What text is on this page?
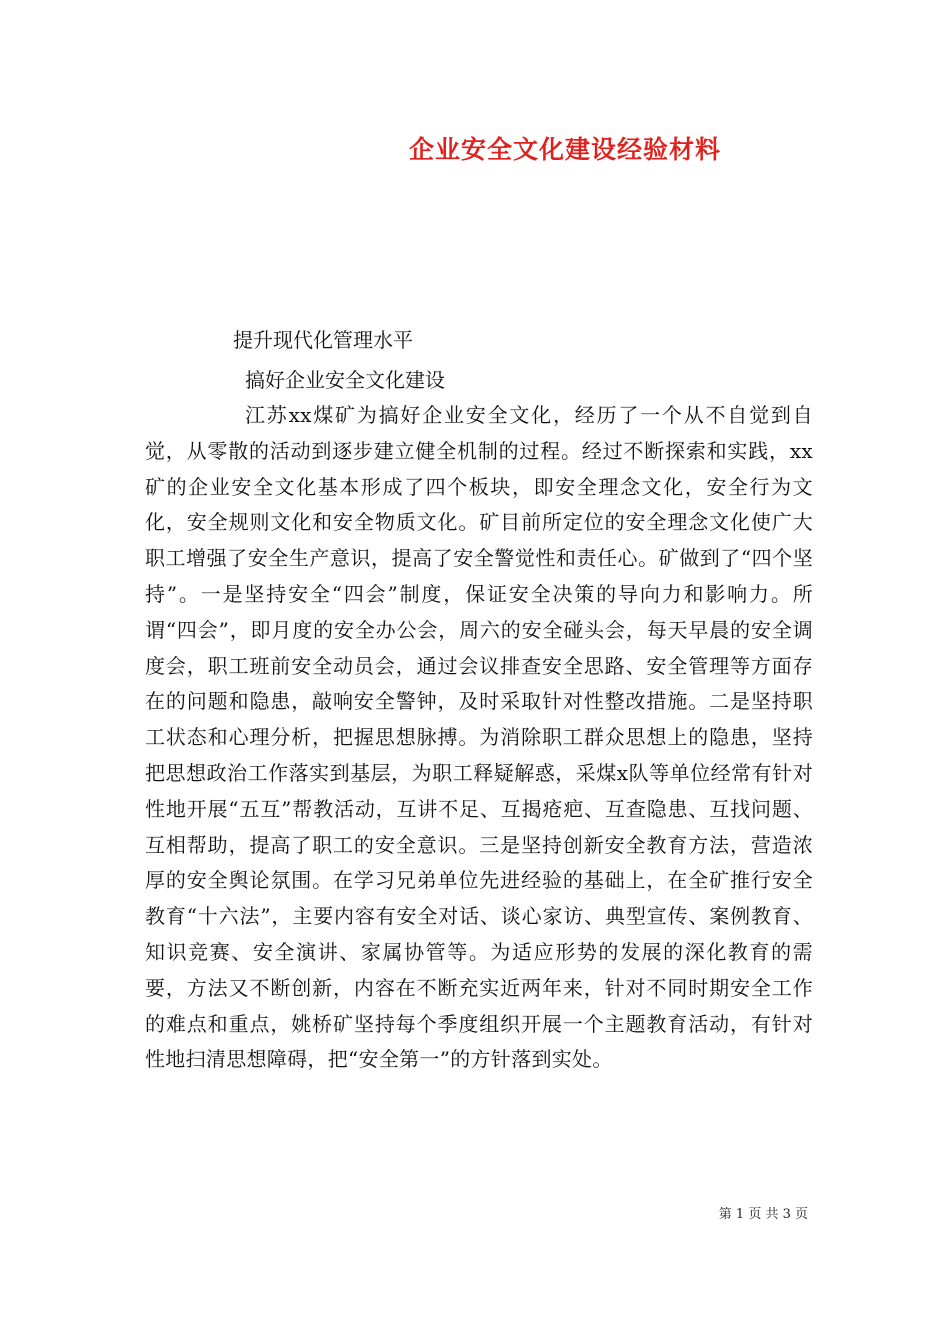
企业安全文化建设经验材料

提升现代化管理水平

搞好企业安全文化建设

江苏xx煤矿为搞好企业安全文化，经历了一个从不自觉到自觉，从零散的活动到逐步建立健全机制的过程。经过不断探索和实践，xx矿的企业安全文化基本形成了四个板块，即安全理念文化，安全行为文化，安全规则文化和安全物质文化。矿目前所定位的安全理念文化使广大职工增强了安全生产意识，提高了安全警觉性和责任心。矿做到了“四个坚持”。一是坚持安全“四会”制度，保证安全决策的导向力和影响力。所谓“四会”，即月度的安全办公会，周六的安全碰头会，每天早晨的安全调度会，职工班前安全动员会，通过会议排查安全思路、安全管理等方面存在的问题和隐患，敲响安全警钟，及时采取针对性整改措施。二是坚持职工状态和心理分析，把握思想脉搏。为消除职工群众思想上的隐患，坚持把思想政治工作落实到基层，为职工释疑解惑，采煤x队等单位经常有针对性地开展“五互”帮教活动，互讲不足、互揭疮疤、互查隐患、互找问题、互相帮助，提高了职工的安全意识。三是坚持创新安全教育方法，营造浓厚的安全舆论氛围。在学习兄弟单位先进经验的基础上，在全矿推行安全教育“十六法”，主要内容有安全对话、谈心家访、典型宣传、案例教育、知识竞赛、安全演讲、家属协管等。为适应形势的发展的深化教育的需要，方法又不断创新，内容在不断充实近两年来，针对不同时期安全工作的难点和重点，姚桥矿坚持每个季度组织开展一个主题教育活动，有针对性地扫清思想障碍，把“安全第一”的方针落到实处。

第 1 页 共 3 页
